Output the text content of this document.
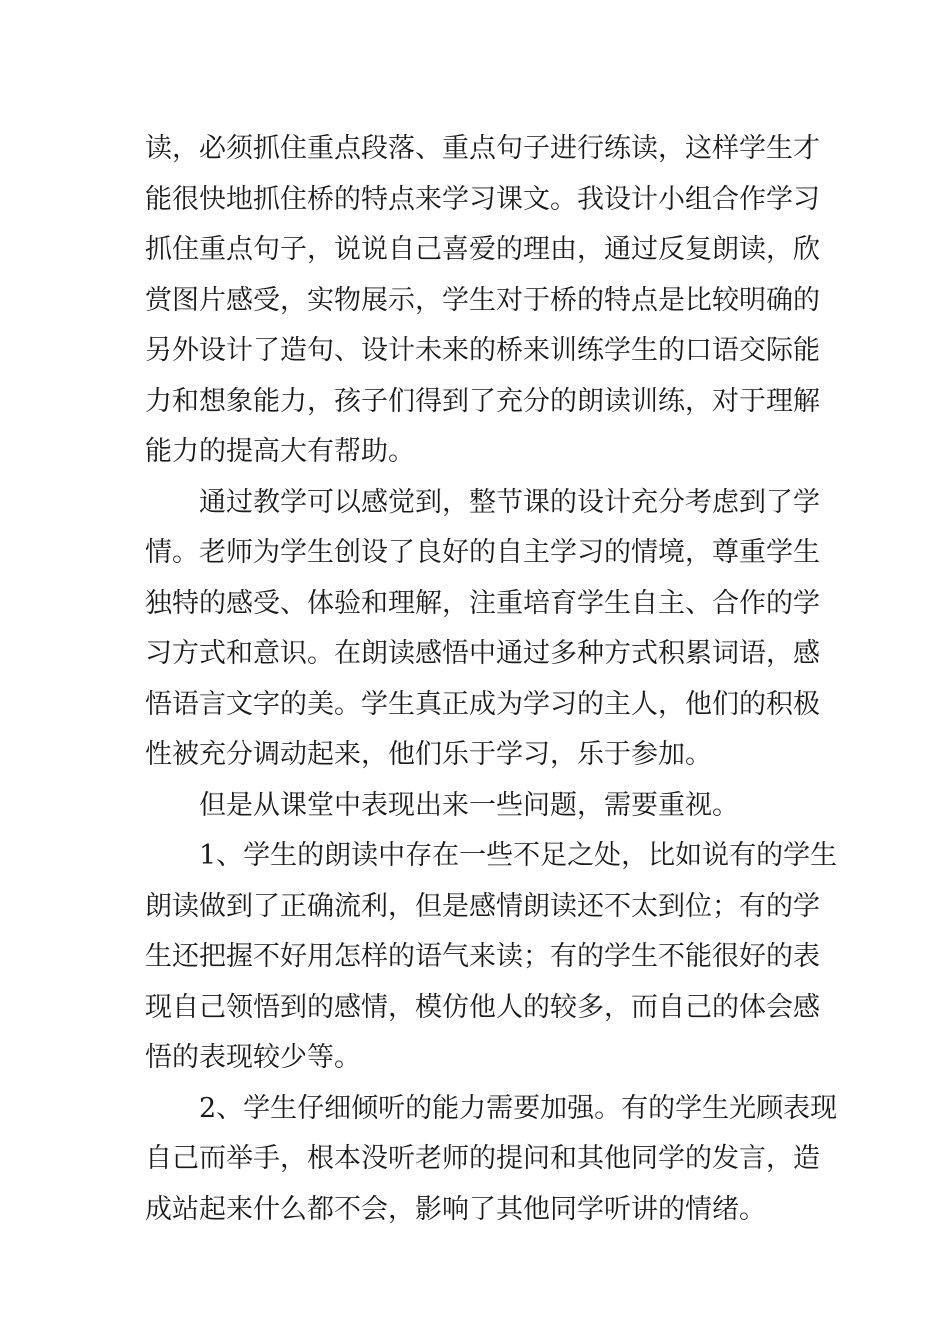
读，必须抓住重点段落、重点句子进行练读，这样学生才
能很快地抓住桥的特点来学习课文。我设计小组合作学习
抓住重点句子，说说自己喜爱的理由，通过反复朗读，欣
赏图片感受，实物展示，学生对于桥的特点是比较明确的
另外设计了造句、设计未来的桥来训练学生的口语交际能
力和想象能力，孩子们得到了充分的朗读训练，对于理解
能力的提高大有帮助。

通过教学可以感觉到，整节课的设计充分考虑到了学
情。老师为学生创设了良好的自主学习的情境，尊重学生
独特的感受、体验和理解，注重培育学生自主、合作的学
习方式和意识。在朗读感悟中通过多种方式积累词语，感
悟语言文字的美。学生真正成为学习的主人，他们的积极
性被充分调动起来，他们乐于学习，乐于参加。

但是从课堂中表现出来一些问题，需要重视。

1、学生的朗读中存在一些不足之处，比如说有的学生
朗读做到了正确流利，但是感情朗读还不太到位；有的学
生还把握不好用怎样的语气来读；有的学生不能很好的表
现自己领悟到的感情，模仿他人的较多，而自己的体会感
悟的表现较少等。

2、学生仔细倾听的能力需要加强。有的学生光顾表现
自己而举手，根本没听老师的提问和其他同学的发言，造
成站起来什么都不会，影响了其他同学听讲的情绪。
